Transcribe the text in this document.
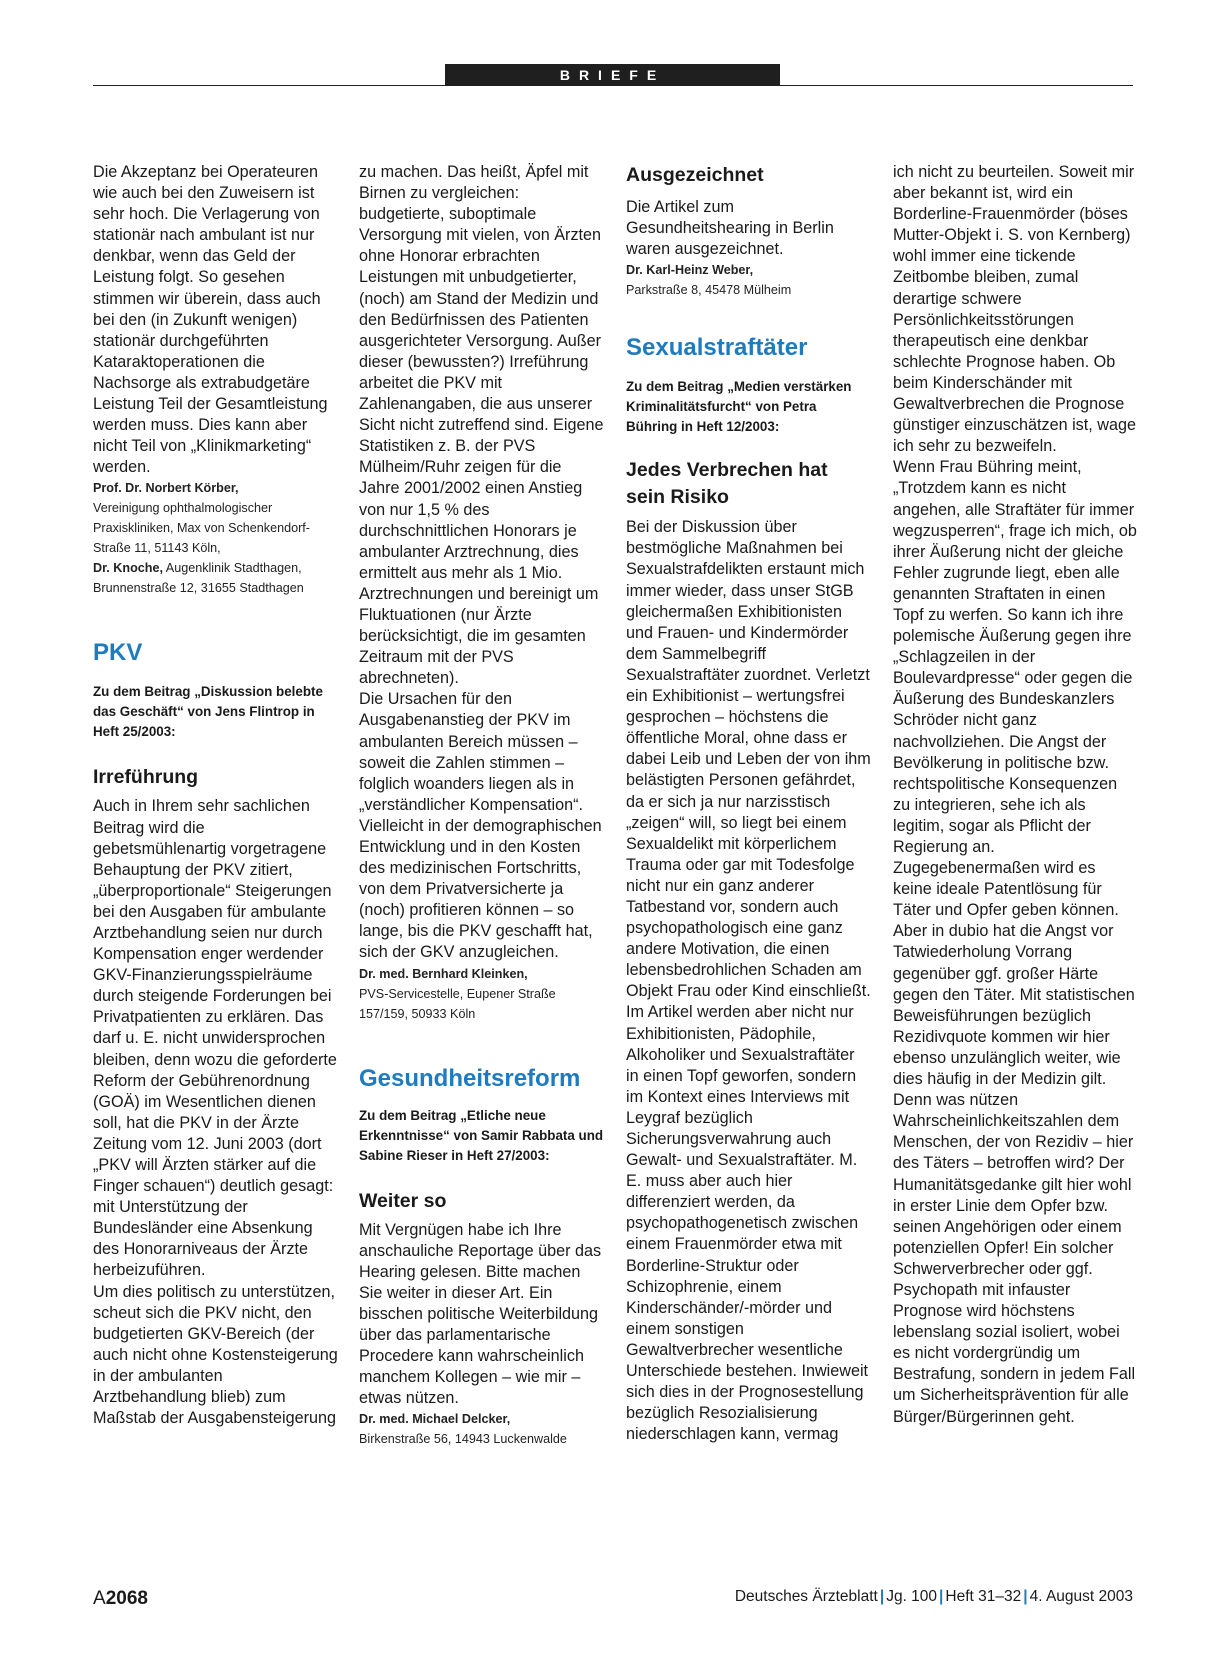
BRIEFE

Die Akzeptanz bei Operateuren wie auch bei den Zuweisern ist sehr hoch. Die Verlagerung von stationär nach ambulant ist nur denkbar, wenn das Geld der Leistung folgt. So gesehen stimmen wir überein, dass auch bei den (in Zukunft wenigen) stationär durchgeführten Kataraktoperationen die Nachsorge als extrabudgetäre Leistung Teil der Gesamtleistung werden muss. Dies kann aber nicht Teil von „Klinikmarketing“ werden.

Prof. Dr. Norbert Körber,
Vereinigung ophthalmologischer Praxiskliniken, Max von Schenkendorf-Straße 11, 51143 Köln,
Dr. Knoche, Augenklinik Stadthagen, Brunnenstraße 12, 31655 Stadthagen

PKV

Zu dem Beitrag „Diskussion belebte das Geschäft“ von Jens Flintrop in Heft 25/2003:

Irreführung

Auch in Ihrem sehr sachlichen Beitrag wird die gebetsmühlenartig vorgetragene Behauptung der PKV zitiert, „überproportionale“ Steigerungen bei den Ausgaben für ambulante Arztbehandlung seien nur durch Kompensation enger werdender GKV-Finanzierungsspielräume durch steigende Forderungen bei Privatpatienten zu erklären. Das darf u. E. nicht unwidersprochen bleiben, denn wozu die geforderte Reform der Gebührenordnung (GOÄ) im Wesentlichen dienen soll, hat die PKV in der Ärzte Zeitung vom 12. Juni 2003 (dort „PKV will Ärzten stärker auf die Finger schauen“) deutlich gesagt: mit Unterstützung der Bundesländer eine Absenkung des Honorarniveaus der Ärzte herbeizuführen.

Um dies politisch zu unterstützen, scheut sich die PKV nicht, den budgetierten GKV-Bereich (der auch nicht ohne Kostensteigerung in der ambulanten Arztbehandlung blieb) zum Maßstab der Ausgabensteigerung

zu machen. Das heißt, Äpfel mit Birnen zu vergleichen: budgetierte, suboptimale Versorgung mit vielen, von Ärzten ohne Honorar erbrachten Leistungen mit unbudgetierter, (noch) am Stand der Medizin und den Bedürfnissen des Patienten ausgerichteter Versorgung. Außer dieser (bewussten?) Irreführung arbeitet die PKV mit Zahlenangaben, die aus unserer Sicht nicht zutreffend sind. Eigene Statistiken z. B. der PVS Mülheim/Ruhr zeigen für die Jahre 2001/2002 einen Anstieg von nur 1,5 % des durchschnittlichen Honorars je ambulanter Arztrechnung, dies ermittelt aus mehr als 1 Mio. Arztrechnungen und bereinigt um Fluktuationen (nur Ärzte berücksichtigt, die im gesamten Zeitraum mit der PVS abrechneten).

Die Ursachen für den Ausgabenanstieg der PKV im ambulanten Bereich müssen – soweit die Zahlen stimmen – folglich woanders liegen als in „verständlicher Kompensation“. Vielleicht in der demographischen Entwicklung und in den Kosten des medizinischen Fortschritts, von dem Privatversicherte ja (noch) profitieren können – so lange, bis die PKV geschafft hat, sich der GKV anzugleichen.

Dr. med. Bernhard Kleinken,
PVS-Servicestelle, Eupener Straße 157/159, 50933 Köln

Gesundheitsreform

Zu dem Beitrag „Etliche neue Erkenntnisse“ von Samir Rabbata und Sabine Rieser in Heft 27/2003:

Weiter so

Mit Vergnügen habe ich Ihre anschauliche Reportage über das Hearing gelesen. Bitte machen Sie weiter in dieser Art. Ein bisschen politische Weiterbildung über das parlamentarische Procedere kann wahrscheinlich manchem Kollegen – wie mir – etwas nützen.

Dr. med. Michael Delcker,
Birkenstraße 56, 14943 Luckenwalde

Ausgezeichnet

Die Artikel zum Gesundheitshearing in Berlin waren ausgezeichnet.

Dr. Karl-Heinz Weber,
Parkstraße 8, 45478 Mülheim

Sexualstraftäter

Zu dem Beitrag „Medien verstärken Kriminalitätsfurcht“ von Petra Bühring in Heft 12/2003:

Jedes Verbrechen hat sein Risiko

Bei der Diskussion über bestmögliche Maßnahmen bei Sexualstrafdelikten erstaunt mich immer wieder, dass unser StGB gleichermaßen Exhibitionisten und Frauen- und Kindermörder dem Sammelbegriff Sexualstraftäter zuordnet. Verletzt ein Exhibitionist – wertungsfrei gesprochen – höchstens die öffentliche Moral, ohne dass er dabei Leib und Leben der von ihm belästigten Personen gefährdet, da er sich ja nur narzisstisch „zeigen“ will, so liegt bei einem Sexualdelikt mit körperlichem Trauma oder gar mit Todesfolge nicht nur ein ganz anderer Tatbestand vor, sondern auch psychopathologisch eine ganz andere Motivation, die einen lebensbedrohlichen Schaden am Objekt Frau oder Kind einschließt.

Im Artikel werden aber nicht nur Exhibitionisten, Pädophile, Alkoholiker und Sexualstraftäter in einen Topf geworfen, sondern im Kontext eines Interviews mit Leygraf bezüglich Sicherungsverwahrung auch Gewalt- und Sexualstraftäter. M. E. muss aber auch hier differenziert werden, da psychopathogenetisch zwischen einem Frauenmörder etwa mit Borderline-Struktur oder Schizophrenie, einem Kinderschänder/-mörder und einem sonstigen Gewaltverbrecher wesentliche Unterschiede bestehen. Inwieweit sich dies in der Prognosestellung bezüglich Resozialisierung niederschlagen kann, vermag

ich nicht zu beurteilen. Soweit mir aber bekannt ist, wird ein Borderline-Frauenmörder (böses Mutter-Objekt i. S. von Kernberg) wohl immer eine tickende Zeitbombe bleiben, zumal derartige schwere Persönlichkeitsstörungen therapeutisch eine denkbar schlechte Prognose haben. Ob beim Kinderschänder mit Gewaltverbrechen die Prognose günstiger einzuschätzen ist, wage ich sehr zu bezweifeln.

Wenn Frau Bühring meint, „Trotzdem kann es nicht angehen, alle Straftäter für immer wegzusperren“, frage ich mich, ob ihrer Äußerung nicht der gleiche Fehler zugrunde liegt, eben alle genannten Straftaten in einen Topf zu werfen. So kann ich ihre polemische Äußerung gegen ihre „Schlagzeilen in der Boulevardpresse“ oder gegen die Äußerung des Bundeskanzlers Schröder nicht ganz nachvollziehen. Die Angst der Bevölkerung in politische bzw. rechtspolitische Konsequenzen zu integrieren, sehe ich als legitim, sogar als Pflicht der Regierung an.

Zugegebenermaßen wird es keine ideale Patentlösung für Täter und Opfer geben können. Aber in dubio hat die Angst vor Tatwiederholung Vorrang gegenüber ggf. großer Härte gegen den Täter. Mit statistischen Beweisführungen bezüglich Rezidivquote kommen wir hier ebenso unzulänglich weiter, wie dies häufig in der Medizin gilt. Denn was nützen Wahrscheinlichkeitszahlen dem Menschen, der von Rezidiv – hier des Täters – betroffen wird? Der Humanitätsgedanke gilt hier wohl in erster Linie dem Opfer bzw. seinen Angehörigen oder einem potenziellen Opfer! Ein solcher Schwerverbrecher oder ggf. Psychopath mit infauster Prognose wird höchstens lebenslang sozial isoliert, wobei es nicht vordergründig um Bestrafung, sondern in jedem Fall um Sicherheitsprävention für alle Bürger/Bürgerinnen geht.

A2068	Deutsches Ärzteblatt | Jg. 100 | Heft 31–32 | 4. August 2003
